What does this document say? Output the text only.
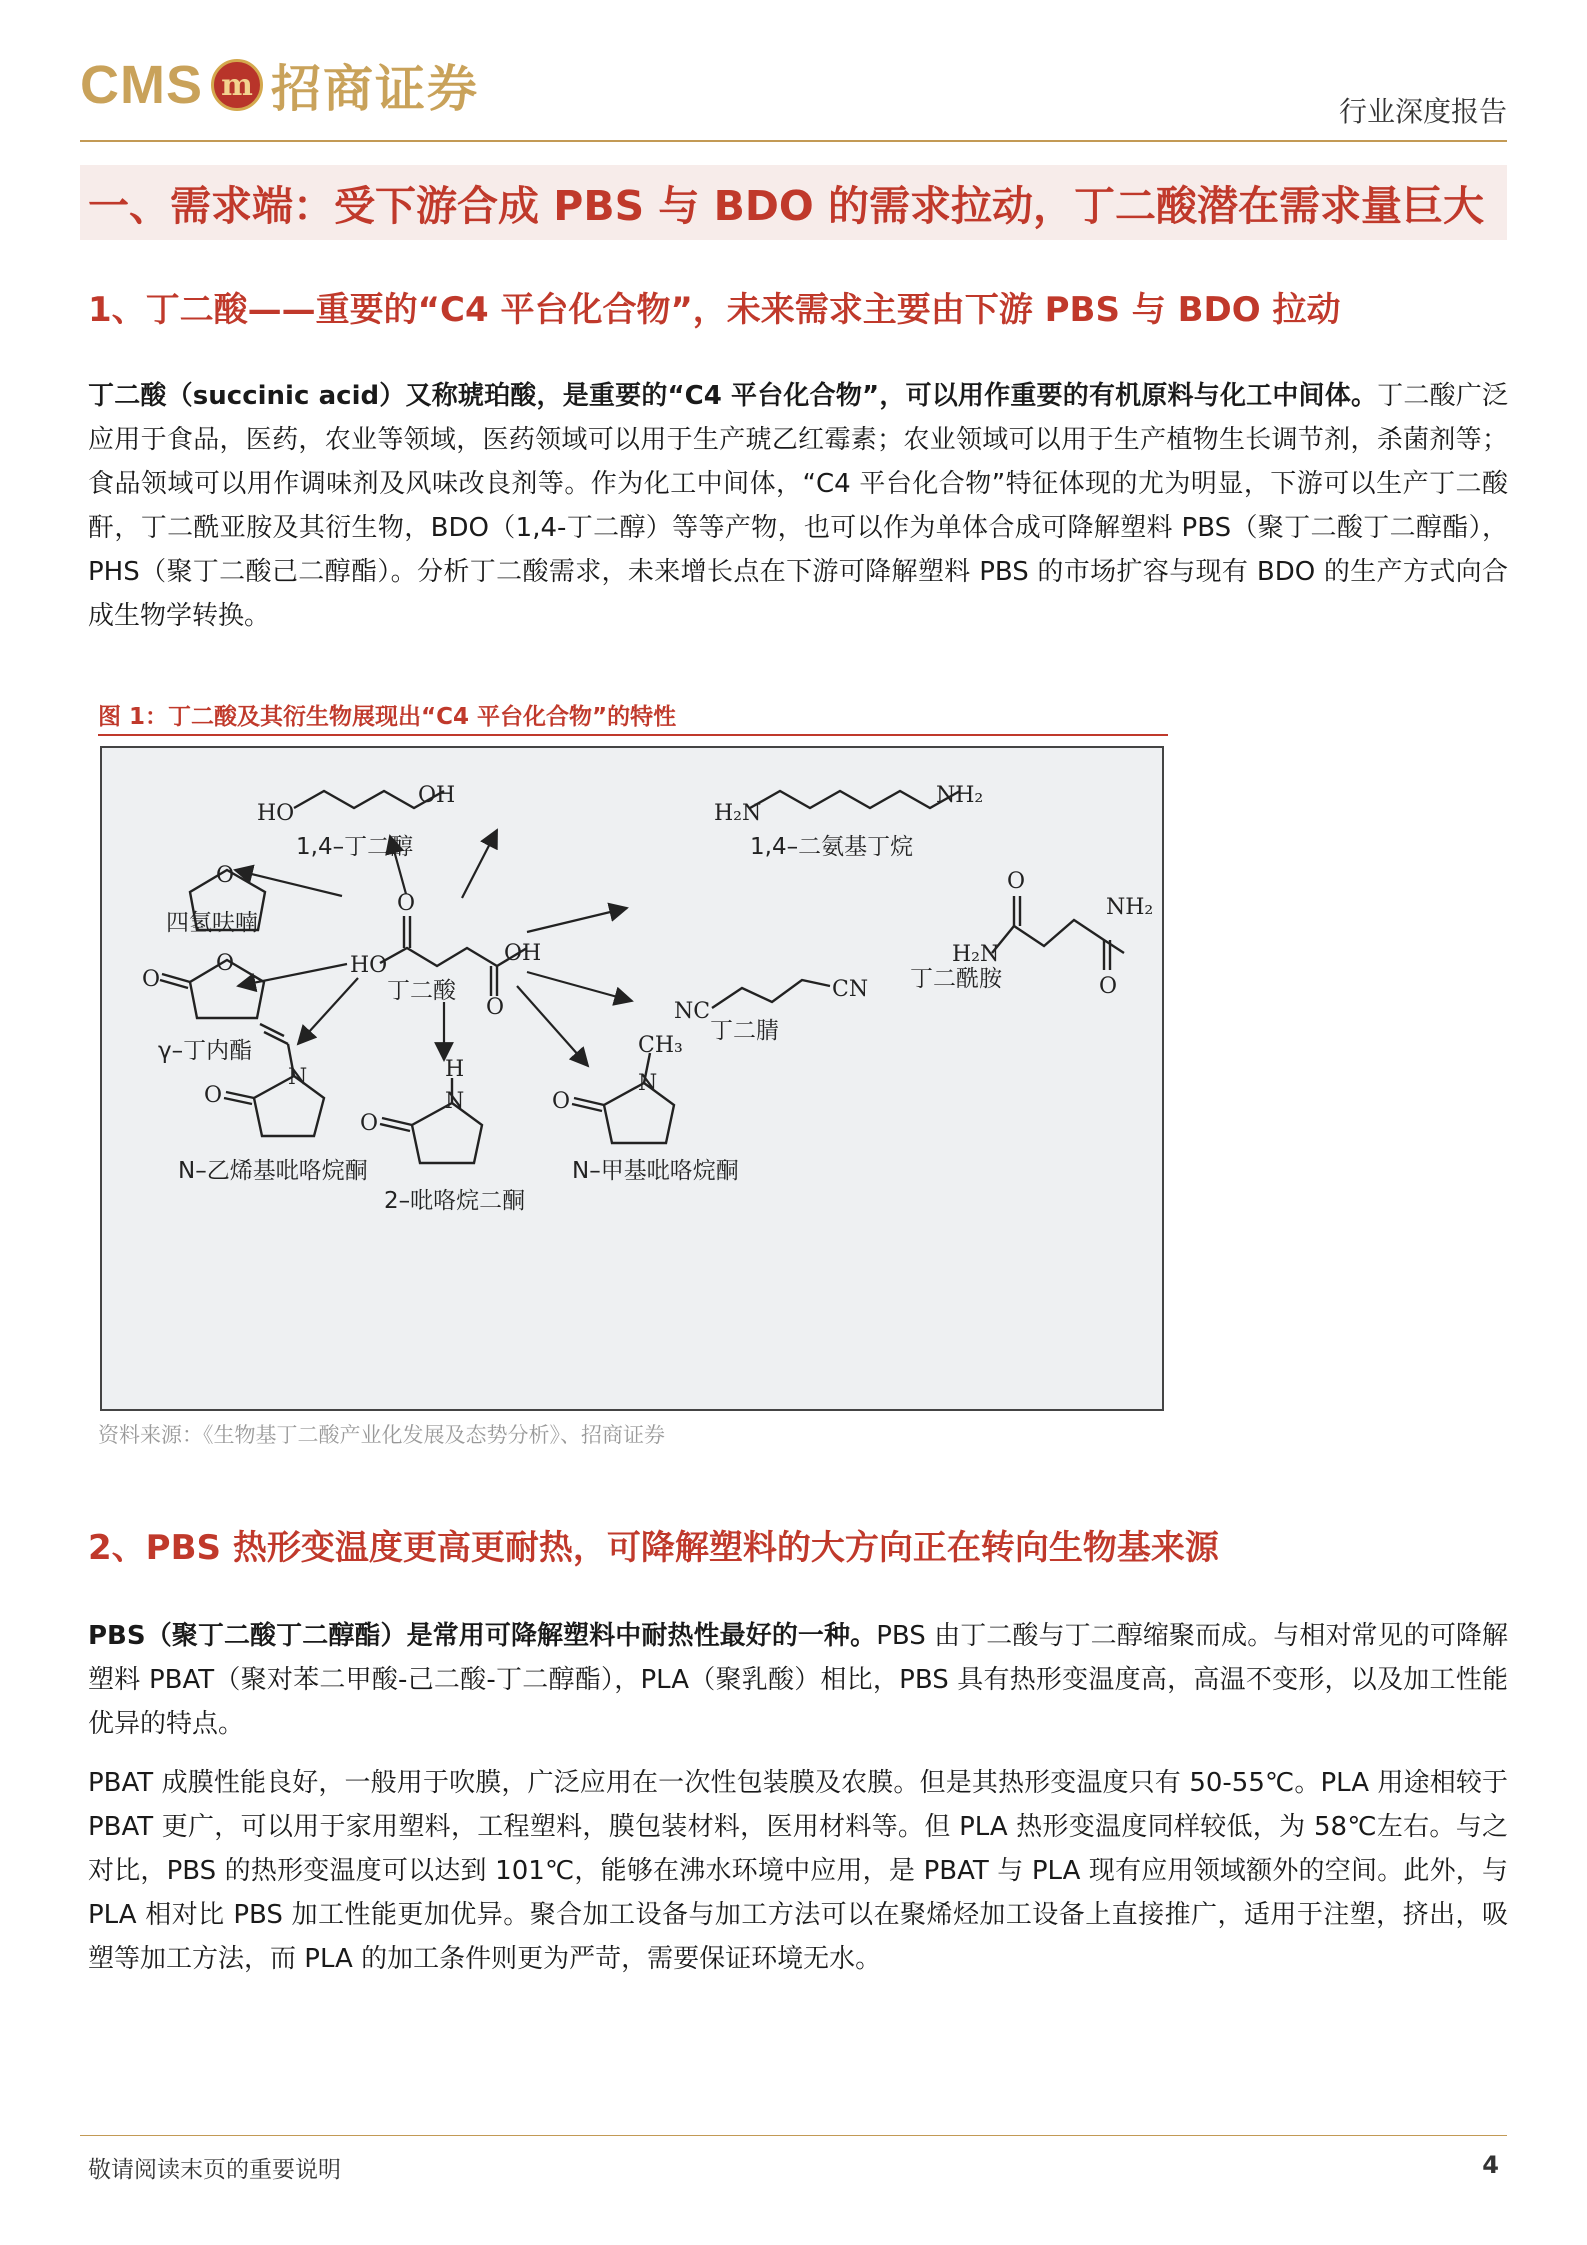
CMS m 招商证券	行业深度报告
一、需求端：受下游合成 PBS 与 BDO 的需求拉动，丁二酸潜在需求量巨大
1、丁二酸——重要的“C4 平台化合物”，未来需求主要由下游 PBS 与 BDO 拉动
丁二酸（succinic acid）又称琥珀酸，是重要的“C4 平台化合物”，可以用作重要的有机原料与化工中间体。丁二酸广泛应用于食品，医药，农业等领域，医药领域可以用于生产琥乙红霉素；农业领域可以用于生产植物生长调节剂，杀菌剂等；食品领域可以用作调味剂及风味改良剂等。作为化工中间体，“C4 平台化合物”特征体现的尤为明显，下游可以生产丁二酸酐，丁二酰亚胺及其衍生物，BDO（1,4-丁二醇）等等产物，也可以作为单体合成可降解塑料 PBS（聚丁二酸丁二醇酯），PHS（聚丁二酸己二醇酯）。分析丁二酸需求，未来增长点在下游可降解塑料 PBS 的市场扩容与现有 BDO 的生产方式向合成生物学转换。
图 1：丁二酸及其衍生物展现出“C4 平台化合物”的特性
HO
OH
H₂N
NH₂
O	O
NH₂
H₂N
O
O
HO	OH
O
O
O
NC
CN
N
O	N
H
O
N
CH₃
O
丁二酸
1,4–丁二醇	1,4–二氨基丁烷
四氢呋喃
丁二酰胺
γ–丁内酯
丁二腈
N–乙烯基吡咯烷酮
2–吡咯烷二酮
N–甲基吡咯烷酮
资料来源：《生物基丁二酸产业化发展及态势分析》、招商证券
2、PBS 热形变温度更高更耐热，可降解塑料的大方向正在转向生物基来源
PBS（聚丁二酸丁二醇酯）是常用可降解塑料中耐热性最好的一种。PBS 由丁二酸与丁二醇缩聚而成。与相对常见的可降解塑料 PBAT（聚对苯二甲酸-己二酸-丁二醇酯），PLA（聚乳酸）相比，PBS 具有热形变温度高，高温不变形，以及加工性能优异的特点。
PBAT 成膜性能良好，一般用于吹膜，广泛应用在一次性包装膜及农膜。但是其热形变温度只有 50-55℃。PLA 用途相较于 PBAT 更广，可以用于家用塑料，工程塑料，膜包装材料，医用材料等。但 PLA 热形变温度同样较低，为 58℃左右。与之对比，PBS 的热形变温度可以达到 101℃，能够在沸水环境中应用，是 PBAT 与 PLA 现有应用领域额外的空间。此外，与 PLA 相对比 PBS 加工性能更加优异。聚合加工设备与加工方法可以在聚烯烃加工设备上直接推广，适用于注塑，挤出，吸塑等加工方法，而 PLA 的加工条件则更为严苛，需要保证环境无水。
敬请阅读末页的重要说明	4
